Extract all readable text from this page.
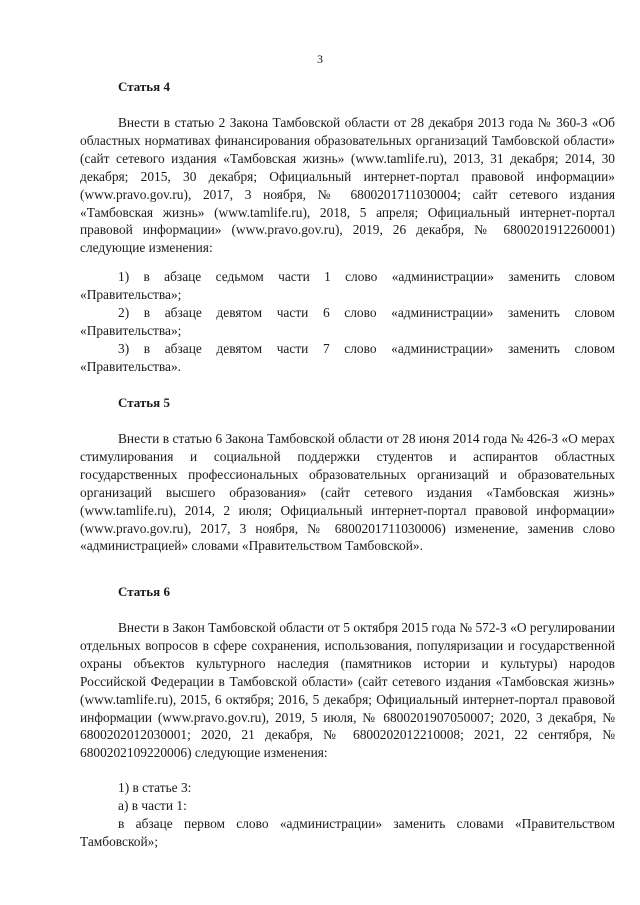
3
Статья 4
Внести в статью 2 Закона Тамбовской области от 28 декабря 2013 года № 360-З «Об областных нормативах финансирования образовательных организаций Тамбовской области» (сайт сетевого издания «Тамбовская жизнь» (www.tamlife.ru), 2013, 31 декабря; 2014, 30 декабря; 2015, 30 декабря; Официальный интернет-портал правовой информации» (www.pravo.gov.ru), 2017, 3 ноября, № 6800201711030004; сайт сетевого издания «Тамбовская жизнь» (www.tamlife.ru), 2018, 5 апреля; Официальный интернет-портал правовой информации» (www.pravo.gov.ru), 2019, 26 декабря, № 6800201912260001) следующие изменения:
1) в абзаце седьмом части 1 слово «администрации» заменить словом «Правительства»;
2) в абзаце девятом части 6 слово «администрации» заменить словом «Правительства»;
3) в абзаце девятом части 7 слово «администрации» заменить словом «Правительства».
Статья 5
Внести в статью 6 Закона Тамбовской области от 28 июня 2014 года № 426-З «О мерах стимулирования и социальной поддержки студентов и аспирантов областных государственных профессиональных образовательных организаций и образовательных организаций высшего образования» (сайт сетевого издания «Тамбовская жизнь» (www.tamlife.ru), 2014, 2 июля; Официальный интернет-портал правовой информации» (www.pravo.gov.ru), 2017, 3 ноября, № 6800201711030006) изменение, заменив слово «администрацией» словами «Правительством Тамбовской».
Статья 6
Внести в Закон Тамбовской области от 5 октября 2015 года № 572-З «О регулировании отдельных вопросов в сфере сохранения, использования, популяризации и государственной охраны объектов культурного наследия (памятников истории и культуры) народов Российской Федерации в Тамбовской области» (сайт сетевого издания «Тамбовская жизнь» (www.tamlife.ru), 2015, 6 октября; 2016, 5 декабря; Официальный интернет-портал правовой информации (www.pravo.gov.ru), 2019, 5 июля, № 6800201907050007; 2020, 3 декабря, № 6800202012030001; 2020, 21 декабря, № 6800202012210008; 2021, 22 сентября, № 6800202109220006) следующие изменения:
1) в статье 3:
а) в части 1:
в абзаце первом слово «администрации» заменить словами «Правительством Тамбовской»;
